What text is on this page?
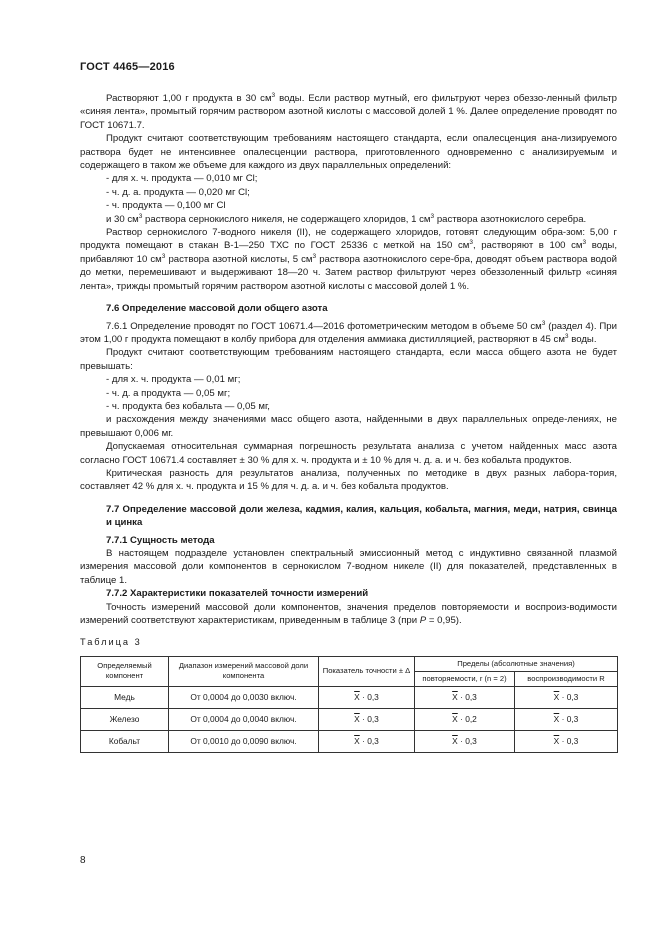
ГОСТ 4465—2016

Растворяют 1,00 г продукта в 30 $см^3$ воды. Если раствор мутный, его фильтруют через обеззо-ленный фильтр «синяя лента», промытый горячим раствором азотной кислоты с массовой долей 1 %. Далее определение проводят по ГОСТ 10671.7.

Продукт считают соответствующим требованиям настоящего стандарта, если опалесценция ана-лизируемого раствора будет не интенсивнее опалесценции раствора, приготовленного одновременно с анализируемым и содержащего в таком же объеме для каждого из двух параллельных определений:

- для х. ч. продукта — 0,010 мг Cl;

- ч. д. а. продукта — 0,020 мг Cl;

- ч. продукта — 0,100 мг Cl

и 30 $см^3$ раствора сернокислого никеля, не содержащего хлоридов, 1 $см^3$ раствора азотнокислого серебра.

Раствор сернокислого 7-водного никеля (II), не содержащего хлоридов, готовят следующим обра-зом: 5,00 г продукта помещают в стакан В-1—250 ТХС по ГОСТ 25336 с меткой на 150 $см^3$, растворяют в 100 $см^3$ воды, прибавляют 10 $см^3$ раствора азотной кислоты, 5 $см^3$ раствора азотнокислого сере-бра, доводят объем раствора водой до метки, перемешивают и выдерживают 18—20 ч. Затем раствор фильтруют через обеззоленный фильтр «синяя лента», трижды промытый горячим раствором азотной кислоты с массовой долей 1 %.

7.6 Определение массовой доли общего азота

7.6.1 Определение проводят по ГОСТ 10671.4—2016 фотометрическим методом в объеме 50 $см^3$ (раздел 4). При этом 1,00 г продукта помещают в колбу прибора для отделения аммиака дистилляцией, растворяют в 45 $см^3$ воды.

Продукт считают соответствующим требованиям настоящего стандарта, если масса общего азота не будет превышать:

- для х. ч. продукта — 0,01 мг;

- ч. д. а продукта — 0,05 мг;

- ч. продукта без кобальта — 0,05 мг,

и расхождения между значениями масс общего азота, найденными в двух параллельных опреде-лениях, не превышают 0,006 мг.

Допускаемая относительная суммарная погрешность результата анализа с учетом найденных масс азота согласно ГОСТ 10671.4 составляет ± 30 % для х. ч. продукта и ± 10 % для ч. д. а. и ч. без кобальта продуктов.

Критическая разность для результатов анализа, полученных по методике в двух разных лабора-тория, составляет 42 % для х. ч. продукта и 15 % для ч. д. а. и ч. без кобальта продуктов.

7.7 Определение массовой доли железа, кадмия, калия, кальция, кобальта, магния, меди, натрия, свинца и цинка

7.7.1 Сущность метода

В настоящем подразделе установлен спектральный эмиссионный метод с индуктивно связанной плазмой измерения массовой доли компонентов в сернокислом 7-водном никеле (II) для показателей, представленных в таблице 1.

7.7.2 Характеристики показателей точности измерений

Точность измерений массовой доли компонентов, значения пределов повторяемости и воспроиз-водимости измерений соответствуют характеристикам, приведенным в таблице 3 (при P = 0,95).

Таблица 3

Определяемый компонент	Диапазон измерений массовой доли компонента	Показатель точности ± Δ	Пределы (абсолютные значения)	
			повторяемости, r (n = 2)	воспроизводимости R
Медь	От 0,0004 до 0,0030 включ.	$\overline{X} \cdot 0,3$	$\overline{X} \cdot 0,3$	$\overline{X} \cdot 0,3$
Железо	От 0,0004 до 0,0040 включ.	$\overline{X} \cdot 0,3$	$\overline{X} \cdot 0,2$	$\overline{X} \cdot 0,3$
Кобальт	От 0,0010 до 0,0090 включ.	$\overline{X} \cdot 0,3$	$\overline{X} \cdot 0,3$	$\overline{X} \cdot 0,3$
8
